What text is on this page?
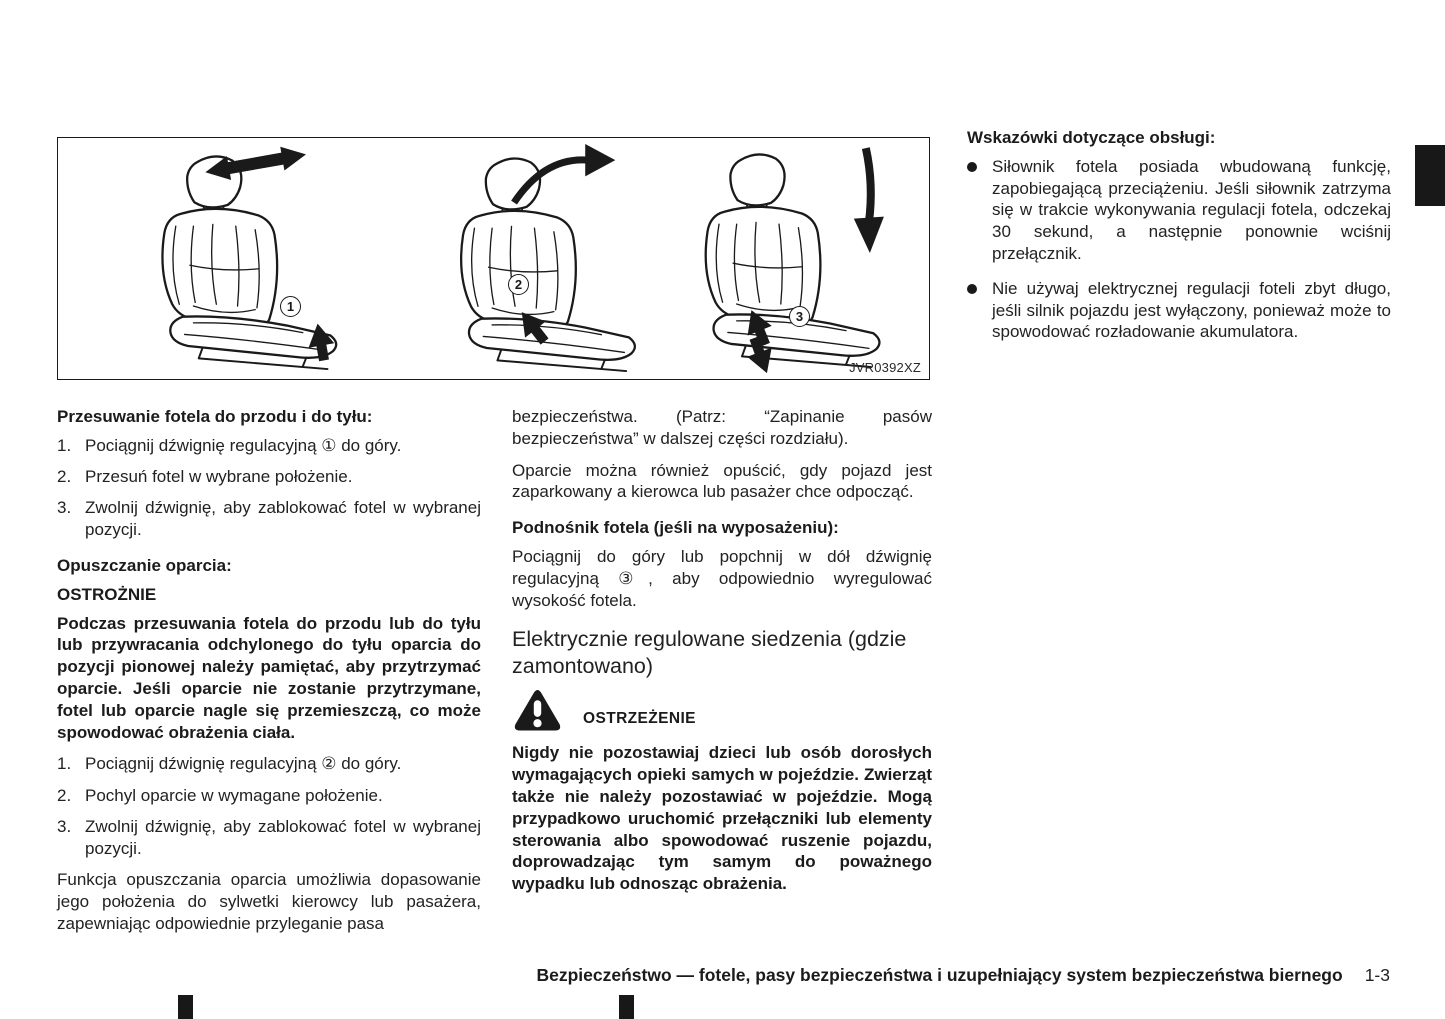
1
2
3
JVR0392XZ
Wskazówki dotyczące obsługi:

Siłownik fotela posiada wbudowaną funkcję, zapobiegającą przeciążeniu. Jeśli siłownik zatrzyma się w trakcie wykonywania regulacji fotela, odczekaj 30 sekund, a następnie ponownie wciśnij przełącznik.

Nie używaj elektrycznej regulacji foteli zbyt długo, jeśli silnik pojazdu jest wyłączony, ponieważ może to spowodować rozładowanie akumulatora.

Przesuwanie fotela do przodu i do tyłu:
1. Pociągnij dźwignię regulacyjną ① do góry.

2. Przesuń fotel w wybrane położenie.

3. Zwolnij dźwignię, aby zablokować fotel w wybranej pozycji.

Opuszczanie oparcia:
OSTROŻNIE

Podczas przesuwania fotela do przodu lub do tyłu lub przywracania odchylonego do tyłu oparcia do pozycji pionowej należy pamiętać, aby przytrzymać oparcie. Jeśli oparcie nie zostanie przytrzymane, fotel lub oparcie nagle się przemieszczą, co może spowodować obrażenia ciała.

1. Pociągnij dźwignię regulacyjną ② do góry.

2. Pochyl oparcie w wymagane położenie.

3. Zwolnij dźwignię, aby zablokować fotel w wybranej pozycji.

Funkcja opuszczania oparcia umożliwia dopasowanie jego położenia do sylwetki kierowcy lub pasażera, zapewniając odpowiednie przyleganie pasa

bezpieczeństwa. (Patrz: “Zapinanie pasów bezpieczeństwa” w dalszej części rozdziału).

Oparcie można również opuścić, gdy pojazd jest zaparkowany a kierowca lub pasażer chce odpocząć.

Podnośnik fotela (jeśli na wyposażeniu):

Pociągnij do góry lub popchnij w dół dźwignię regulacyjną ③, aby odpowiednio wyregulować wysokość fotela.

Elektrycznie regulowane siedzenia (gdzie zamontowano)
OSTRZEŻENIE

Nigdy nie pozostawiaj dzieci lub osób dorosłych wymagających opieki samych w pojeździe. Zwierząt także nie należy pozostawiać w pojeździe. Mogą przypadkowo uruchomić przełączniki lub elementy sterowania albo spowodować ruszenie pojazdu, doprowadzając tym samym do poważnego wypadku lub odnosząc obrażenia.

Bezpieczeństwo — fotele, pasy bezpieczeństwa i uzupełniający system bezpieczeństwa biernego 1-3
